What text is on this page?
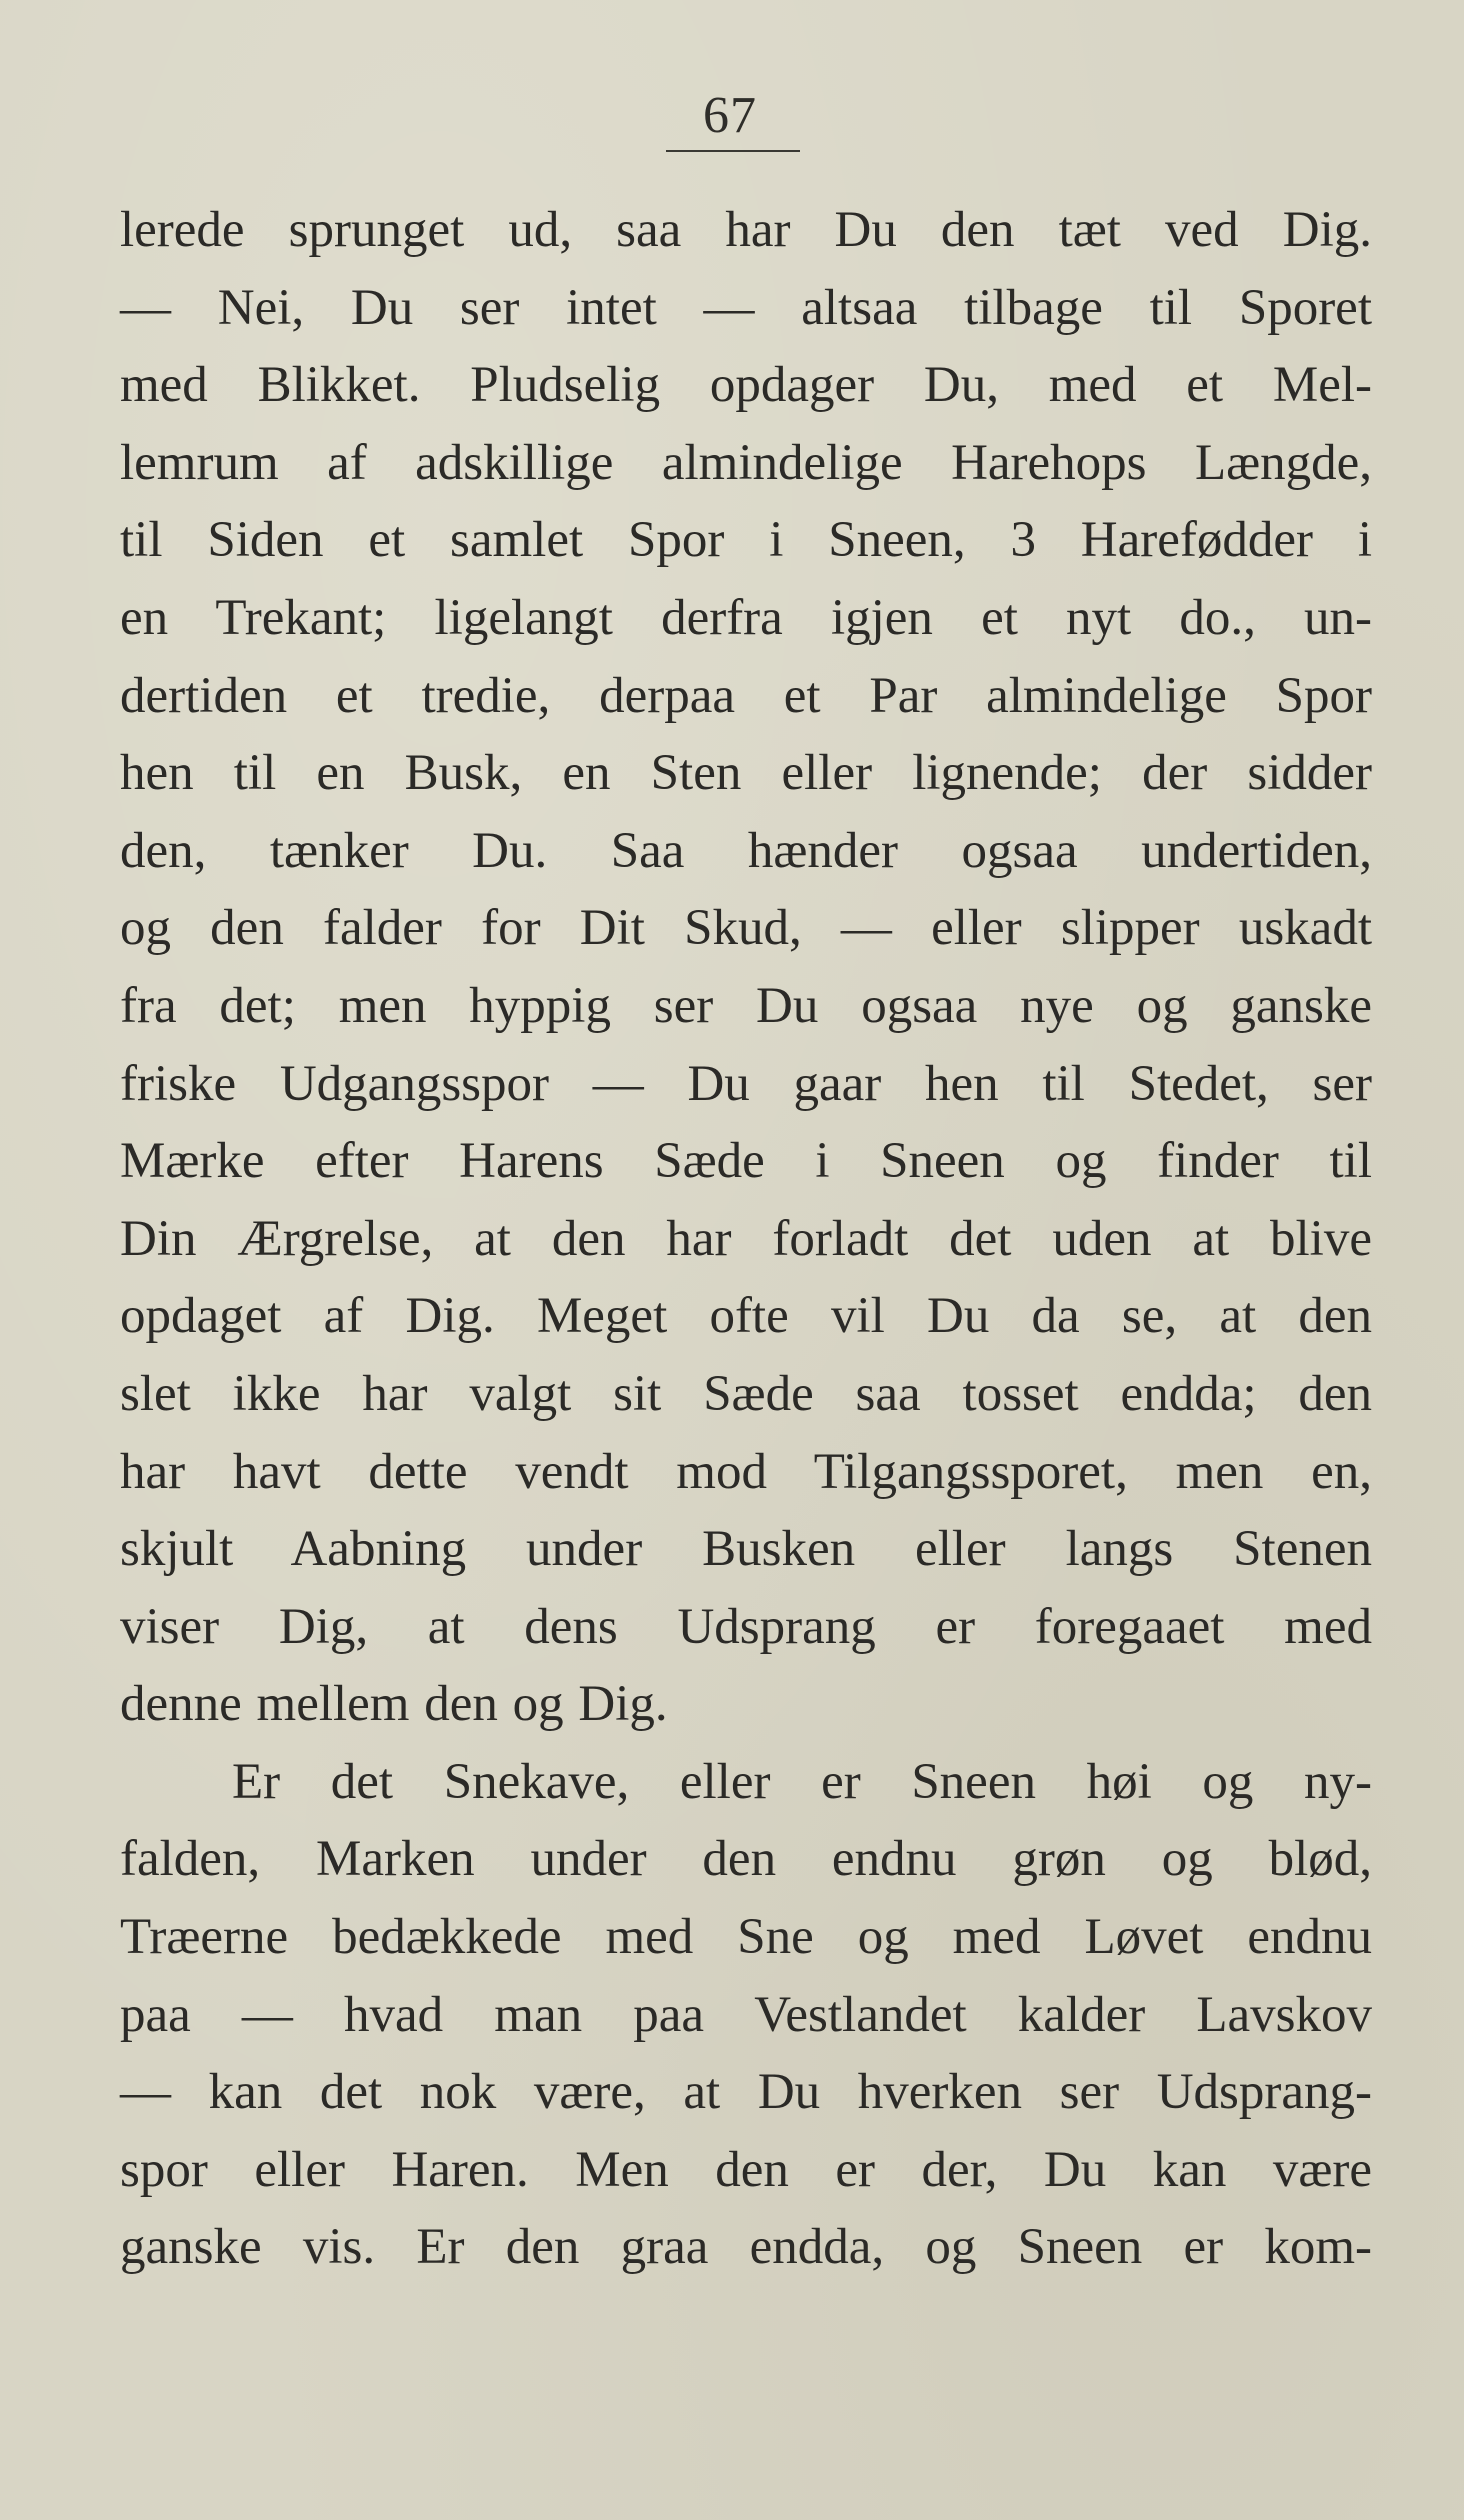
67
lerede sprunget ud, saa har Du den tæt ved Dig.
— Nei, Du ser intet — altsaa tilbage til Sporet
med Blikket. Pludselig opdager Du, med et Mel-
lemrum af adskillige almindelige Harehops Længde,
til Siden et samlet Spor i Sneen, 3 Harefødder i
en Trekant; ligelangt derfra igjen et nyt do., un-
dertiden et tredie, derpaa et Par almindelige Spor
hen til en Busk, en Sten eller lignende; der sidder
den, tænker Du. Saa hænder ogsaa undertiden,
og den falder for Dit Skud, — eller slipper uskadt
fra det; men hyppig ser Du ogsaa nye og ganske
friske Udgangsspor — Du gaar hen til Stedet, ser
Mærke efter Harens Sæde i Sneen og finder til
Din Ærgrelse, at den har forladt det uden at blive
opdaget af Dig. Meget ofte vil Du da se, at den
slet ikke har valgt sit Sæde saa tosset endda; den
har havt dette vendt mod Tilgangssporet, men en,
skjult Aabning under Busken eller langs Stenen
viser Dig, at dens Udsprang er foregaaet med
denne mellem den og Dig.
Er det Snekave, eller er Sneen høi og ny-
falden, Marken under den endnu grøn og blød,
Træerne bedækkede med Sne og med Løvet endnu
paa — hvad man paa Vestlandet kalder Lavskov
— kan det nok være, at Du hverken ser Udsprang-
spor eller Haren. Men den er der, Du kan være
ganske vis. Er den graa endda, og Sneen er kom-
